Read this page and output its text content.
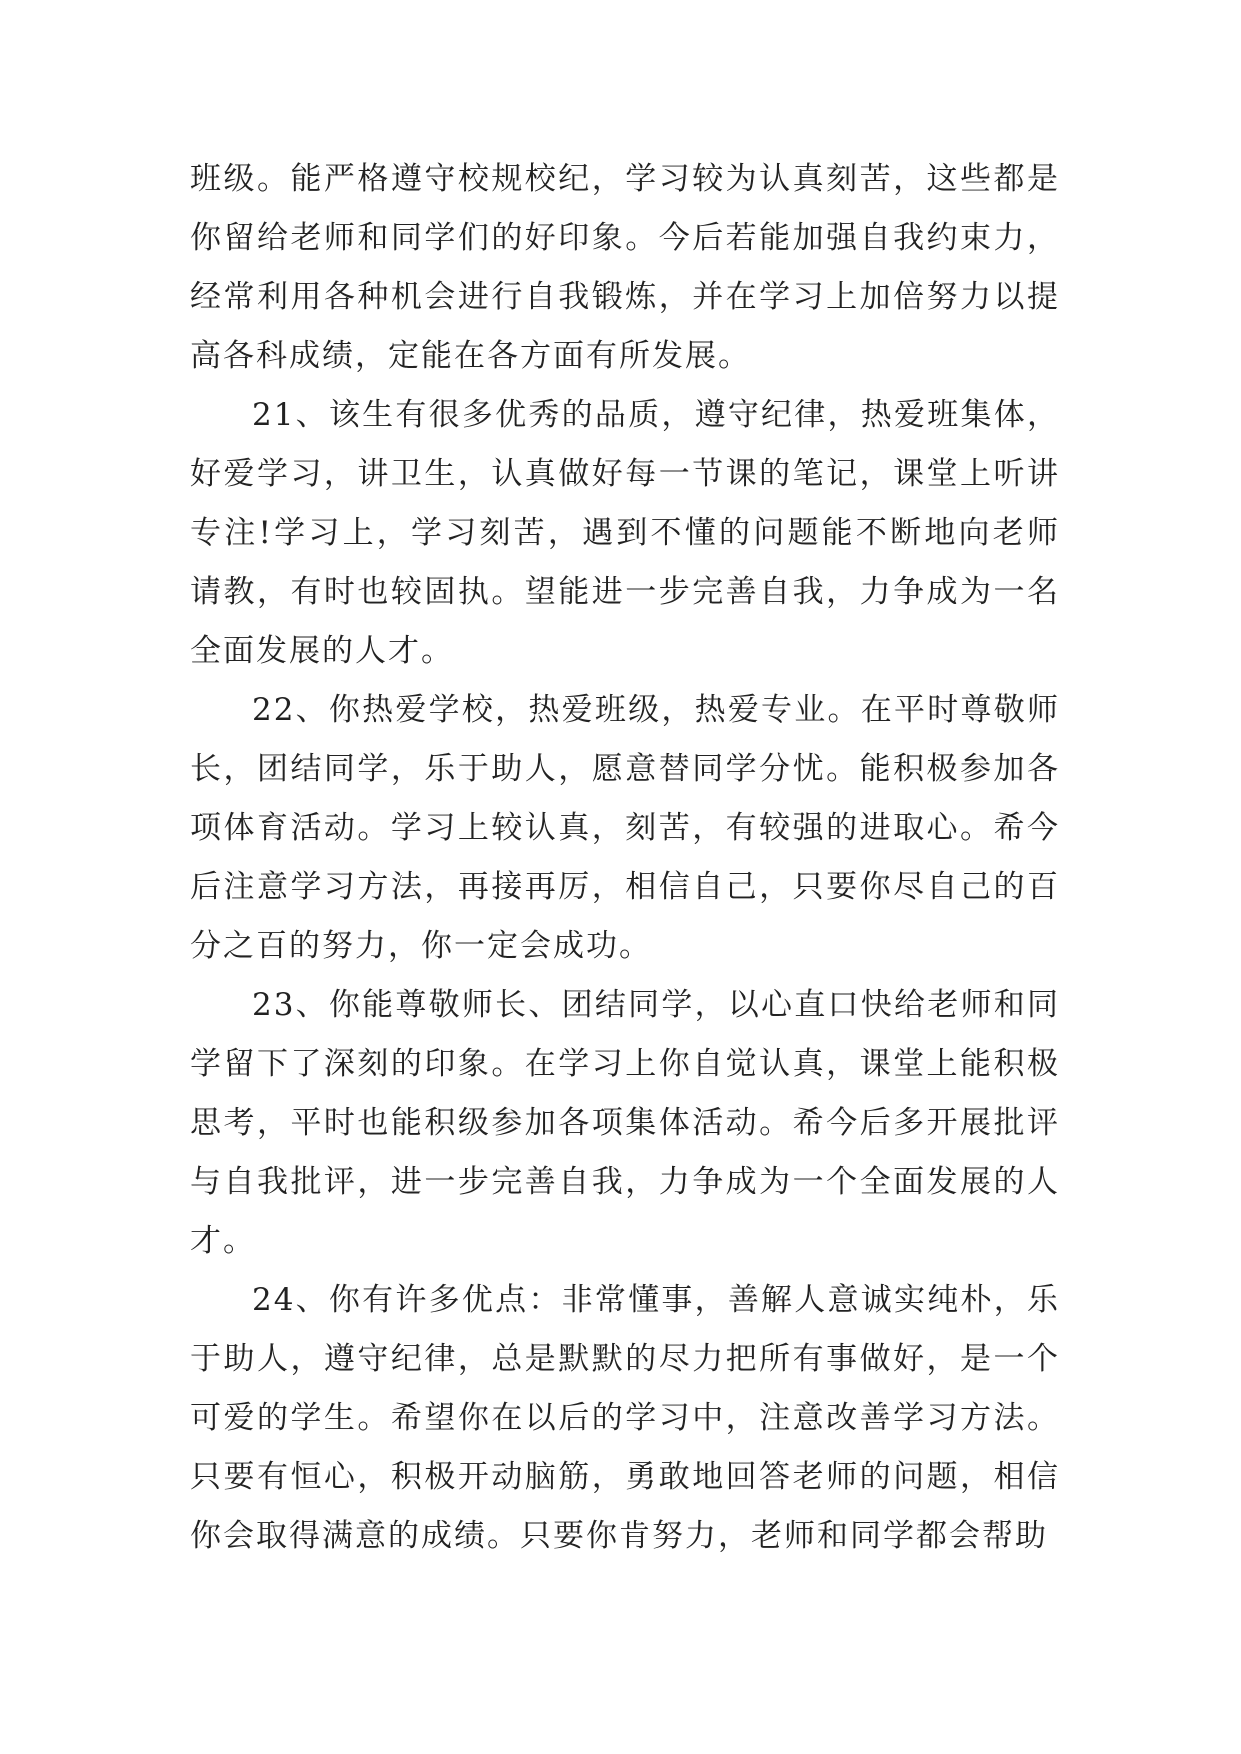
班级。能严格遵守校规校纪，学习较为认真刻苦，这些都是你留给老师和同学们的好印象。今后若能加强自我约束力，经常利用各种机会进行自我锻炼，并在学习上加倍努力以提高各科成绩，定能在各方面有所发展。

21、该生有很多优秀的品质，遵守纪律，热爱班集体，好爱学习，讲卫生，认真做好每一节课的笔记，课堂上听讲专注!学习上，学习刻苦，遇到不懂的问题能不断地向老师请教，有时也较固执。望能进一步完善自我，力争成为一名全面发展的人才。

22、你热爱学校，热爱班级，热爱专业。在平时尊敬师长，团结同学，乐于助人，愿意替同学分忧。能积极参加各项体育活动。学习上较认真，刻苦，有较强的进取心。希今后注意学习方法，再接再厉，相信自己，只要你尽自己的百分之百的努力，你一定会成功。

23、你能尊敬师长、团结同学，以心直口快给老师和同学留下了深刻的印象。在学习上你自觉认真，课堂上能积极思考，平时也能积级参加各项集体活动。希今后多开展批评与自我批评，进一步完善自我，力争成为一个全面发展的人才。

24、你有许多优点：非常懂事，善解人意诚实纯朴，乐于助人，遵守纪律，总是默默的尽力把所有事做好，是一个可爱的学生。希望你在以后的学习中，注意改善学习方法。只要有恒心，积极开动脑筋，勇敢地回答老师的问题，相信你会取得满意的成绩。只要你肯努力，老师和同学都会帮助
